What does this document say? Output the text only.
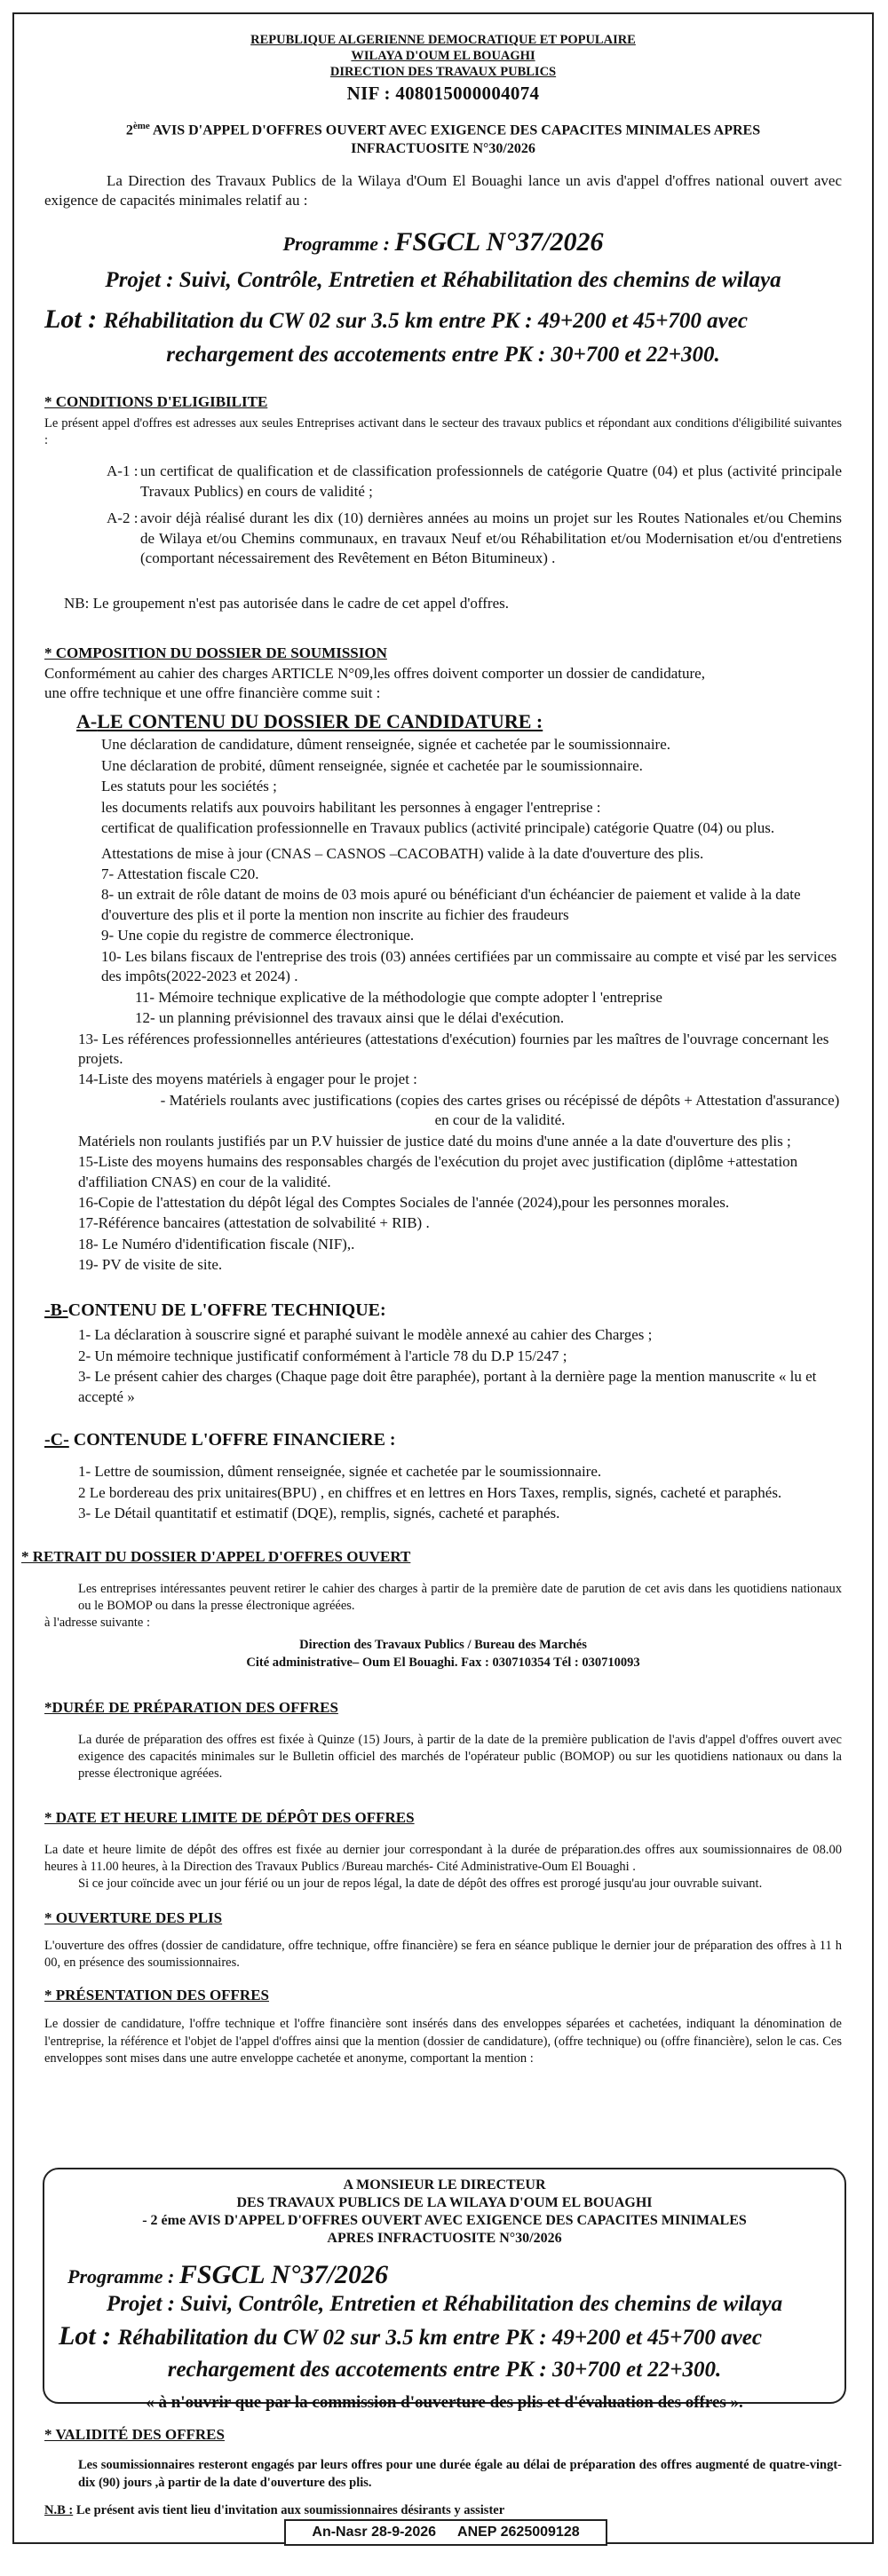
REPUBLIQUE ALGERIENNE DEMOCRATIQUE ET POPULAIRE
WILAYA D'OUM EL BOUAGHI
DIRECTION DES TRAVAUX PUBLICS
NIF : 408015000004074
2ème AVIS D'APPEL D'OFFRES OUVERT AVEC EXIGENCE DES CAPACITES MINIMALES APRES
INFRACTUOSITE N°30/2026

La Direction des Travaux Publics de la Wilaya d'Oum El Bouaghi lance un avis d'appel d'offres national ouvert avec exigence de capacités minimales relatif au :

Programme : FSGCL N°37/2026
Projet : Suivi, Contrôle, Entretien et Réhabilitation des chemins de wilaya
Lot : Réhabilitation du CW 02 sur 3.5 km entre PK : 49+200 et 45+700 avec
rechargement des accotements entre PK : 30+700 et 22+300.
* CONDITIONS D'ELIGIBILITE

Le présent appel d'offres est adresses aux seules Entreprises activant dans le secteur des travaux publics et répondant aux conditions d'éligibilité suivantes :

A-1 : un certificat de qualification et de classification professionnels de catégorie Quatre (04) et plus (activité principale Travaux Publics) en cours de validité ;
A-2 : avoir déjà réalisé durant les dix (10) dernières années au moins un projet sur les Routes Nationales et/ou Chemins de Wilaya et/ou Chemins communaux, en travaux Neuf et/ou Réhabilitation et/ou Modernisation et/ou d'entretiens (comportant nécessairement des Revêtement en Béton Bitumineux) .

NB: Le groupement n'est pas autorisée dans le cadre de cet appel d'offres.

* COMPOSITION DU DOSSIER DE SOUMISSION

Conformément au cahier des charges ARTICLE N°09,les offres doivent comporter un dossier de candidature,

une offre technique et une offre financière comme suit :

A-LE CONTENU DU DOSSIER DE CANDIDATURE :

Une déclaration de candidature, dûment renseignée, signée et cachetée par le soumissionnaire.

Une déclaration de probité, dûment renseignée, signée et cachetée par le soumissionnaire.

Les statuts pour les sociétés ;

les documents relatifs aux pouvoirs habilitant les personnes à engager l'entreprise :

certificat de qualification professionnelle en Travaux publics (activité principale) catégorie Quatre (04) ou plus.

Attestations de mise à jour (CNAS – CASNOS –CACOBATH) valide à la date d'ouverture des plis.

7- Attestation fiscale C20.

8- un extrait de rôle datant de moins de 03 mois apuré ou bénéficiant d'un échéancier de paiement et valide à la date d'ouverture des plis et il porte la mention non inscrite au fichier des fraudeurs

9- Une copie du registre de commerce électronique.

10- Les bilans fiscaux de l'entreprise des trois (03) années certifiées par un commissaire au compte et visé par les services des impôts(2022-2023 et 2024) .

11- Mémoire technique explicative de la méthodologie que compte adopter l 'entreprise

12- un planning prévisionnel des travaux ainsi que le délai d'exécution.

13- Les références professionnelles antérieures (attestations d'exécution) fournies par les maîtres de l'ouvrage concernant les projets.

14-Liste des moyens matériels à engager pour le projet :

- Matériels roulants avec justifications (copies des cartes grises ou récépissé de dépôts + Attestation d'assurance) en cour de la validité.

Matériels non roulants justifiés par un P.V huissier de justice daté du moins d'une année a la date d'ouverture des plis ;

15-Liste des moyens humains des responsables chargés de l'exécution du projet avec justification (diplôme +attestation d'affiliation CNAS) en cour de la validité.

16-Copie de l'attestation du dépôt légal des Comptes Sociales de l'année (2024),pour les personnes morales.

17-Référence bancaires (attestation de solvabilité + RIB) .

18- Le Numéro d'identification fiscale (NIF),.

19- PV de visite de site.

-B-CONTENU DE L'OFFRE TECHNIQUE:

1- La déclaration à souscrire signé et paraphé suivant le modèle annexé au cahier des Charges ;

2- Un mémoire technique justificatif conformément à l'article 78 du D.P 15/247 ;

3- Le présent cahier des charges (Chaque page doit être paraphée), portant à la dernière page la mention manuscrite « lu et accepté »

-C- CONTENUDE L'OFFRE FINANCIERE :

1- Lettre de soumission, dûment renseignée, signée et cachetée par le soumissionnaire.

2 Le bordereau des prix unitaires(BPU) , en chiffres et en lettres en Hors Taxes, remplis, signés, cacheté et paraphés.

3- Le Détail quantitatif et estimatif (DQE), remplis, signés, cacheté et paraphés.

* RETRAIT DU DOSSIER D'APPEL D'OFFRES OUVERT

Les entreprises intéressantes peuvent retirer le cahier des charges à partir de la première date de parution de cet avis dans les quotidiens nationaux ou le BOMOP ou dans la presse électronique agréées.

à l'adresse suivante :

Direction des Travaux Publics / Bureau des Marchés

Cité administrative– Oum El Bouaghi. Fax : 030710354 Tél : 030710093

*DURÉE DE PRÉPARATION DES OFFRES

La durée de préparation des offres est fixée à Quinze (15) Jours, à partir de la date de la première publication de l'avis d'appel d'offres ouvert avec exigence des capacités minimales sur le Bulletin officiel des marchés de l'opérateur public (BOMOP) ou sur les quotidiens nationaux ou dans la presse électronique agréées.

* DATE ET HEURE LIMITE DE DÉPÔT DES OFFRES

La date et heure limite de dépôt des offres est fixée au dernier jour correspondant à la durée de préparation.des offres aux soumissionnaires de 08.00 heures à 11.00 heures, à la Direction des Travaux Publics /Bureau marchés- Cité Administrative-Oum El Bouaghi .

Si ce jour coïncide avec un jour férié ou un jour de repos légal, la date de dépôt des offres est prorogé jusqu'au jour ouvrable suivant.

* OUVERTURE DES PLIS

L'ouverture des offres (dossier de candidature, offre technique, offre financière) se fera en séance publique le dernier jour de préparation des offres à 11 h 00, en présence des soumissionnaires.

* PRÉSENTATION DES OFFRES

Le dossier de candidature, l'offre technique et l'offre financière sont insérés dans des enveloppes séparées et cachetées, indiquant la dénomination de l'entreprise, la référence et l'objet de l'appel d'offres ainsi que la mention (dossier de candidature), (offre technique) ou (offre financière), selon le cas. Ces enveloppes sont mises dans une autre enveloppe cachetée et anonyme, comportant la mention :

A MONSIEUR LE DIRECTEUR
DES TRAVAUX PUBLICS DE LA WILAYA D'OUM EL BOUAGHI
- 2 éme AVIS D'APPEL D'OFFRES OUVERT AVEC EXIGENCE DES CAPACITES MINIMALES
APRES INFRACTUOSITE N°30/2026
Programme : FSGCL N°37/2026
Projet : Suivi, Contrôle, Entretien et Réhabilitation des chemins de wilaya
Lot : Réhabilitation du CW 02 sur 3.5 km entre PK : 49+200 et 45+700 avec
rechargement des accotements entre PK : 30+700 et 22+300.
« à n'ouvrir que par la commission d'ouverture des plis et d'évaluation des offres ».
* VALIDITÉ DES OFFRES

Les soumissionnaires resteront engagés par leurs offres pour une durée égale au délai de préparation des offres augmenté de quatre-vingt-dix (90) jours ,à partir de la date d'ouverture des plis.

N.B : Le présent avis tient lieu d'invitation aux soumissionnaires désirants y assister

An-Nasr 28-9-2026 ANEP 2625009128
